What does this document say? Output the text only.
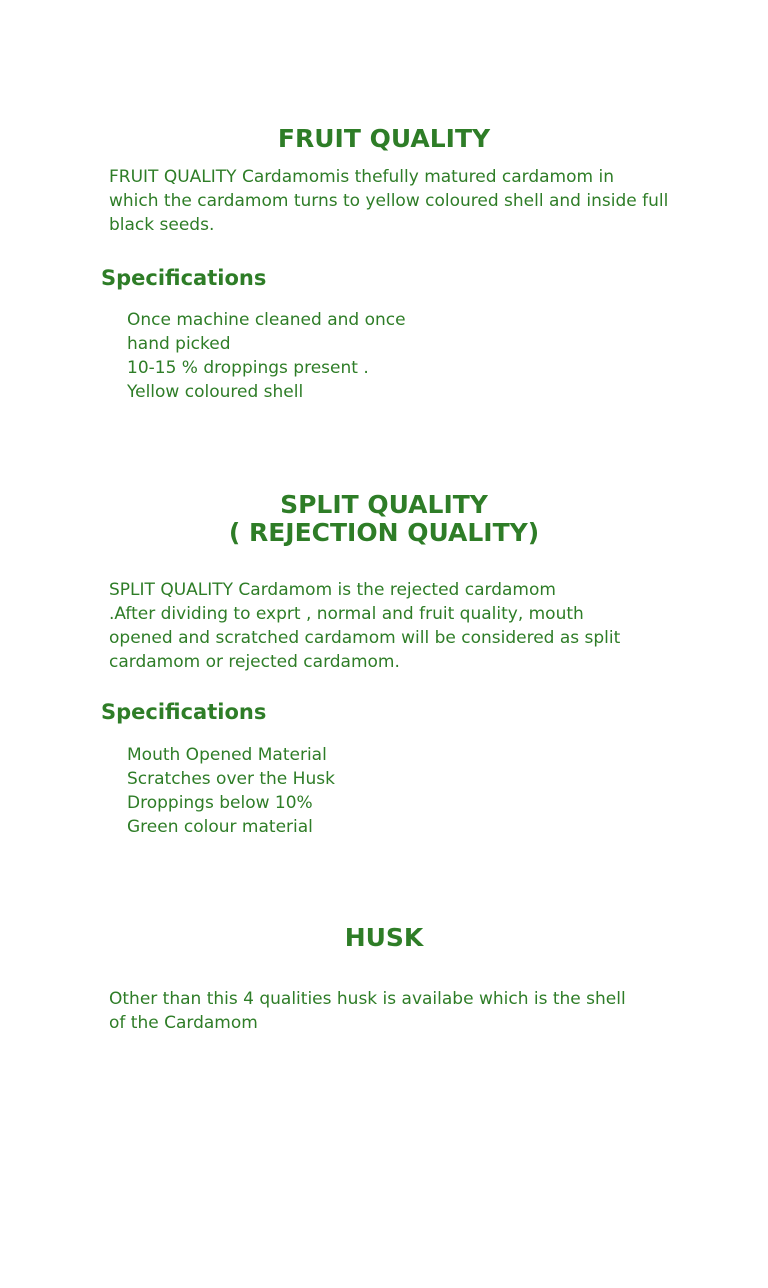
FRUIT QUALITY

FRUIT QUALITY Cardamomis thefully matured cardamom in
which the cardamom turns to yellow coloured shell and inside full
black seeds.

Specifications
Once machine cleaned and once
hand picked
10-15 % droppings present .
Yellow coloured shell
SPLIT QUALITY
( REJECTION QUALITY)

SPLIT QUALITY Cardamom is the rejected cardamom
.After dividing to exprt , normal and fruit quality, mouth
opened and scratched cardamom will be considered as split
cardamom or rejected cardamom.

Specifications
Mouth Opened Material
Scratches over the Husk
Droppings below 10%
Green colour material
HUSK

Other than this 4 qualities husk is availabe which is the shell
of the Cardamom
